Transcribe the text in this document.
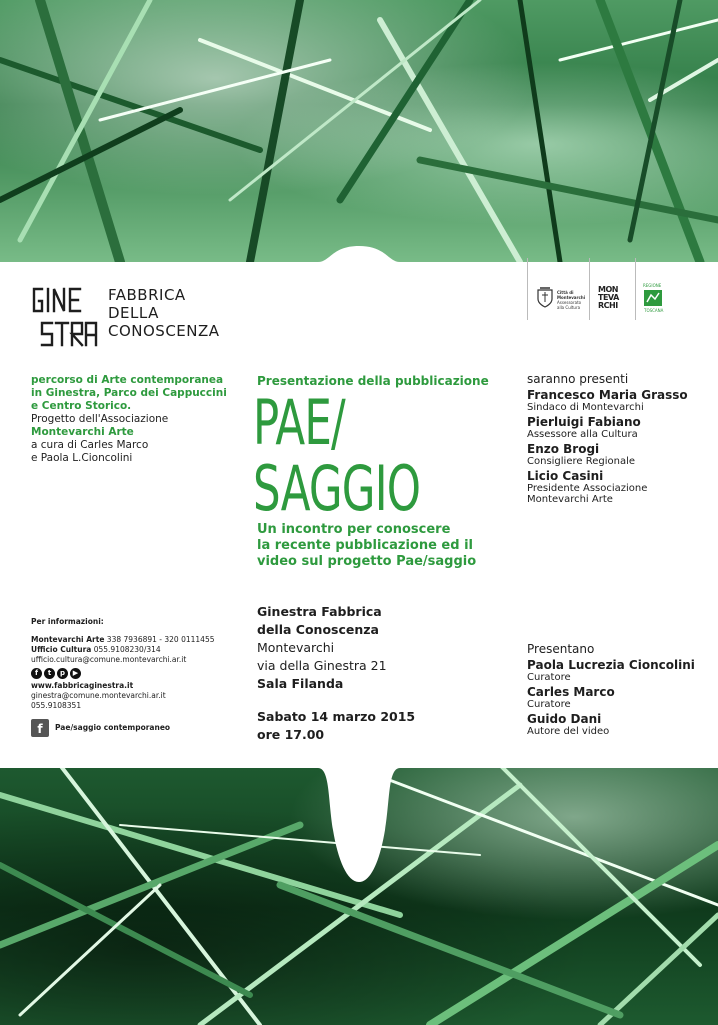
FABBRICA
DELLA
CONOSCENZA
Città di
Montevarchi
Assessorato
alla Cultura
MON
TEVA
RCHI
REGIONE
TOSCANA
percorso di Arte contemporanea
in Ginestra, Parco dei Cappuccini
e Centro Storico.
Progetto dell'Associazione
Montevarchi Arte
a cura di Carles Marco
e Paola L.Cioncolini
Presentazione della pubblicazione
PAE/
SAGGIO
Un incontro per conoscere
la recente pubblicazione ed il
video sul progetto Pae/saggio
Ginestra Fabbrica
della Conoscenza
Montevarchi
via della Ginestra 21
Sala Filanda
Sabato 14 marzo 2015
ore 17.00
saranno presenti
Francesco Maria Grasso
Sindaco di Montevarchi
Pierluigi Fabiano
Assessore alla Cultura
Enzo Brogi
Consigliere Regionale
Licio Casini
Presidente Associazione
Montevarchi Arte
Presentano
Paola Lucrezia Cioncolini
Curatore
Carles Marco
Curatore
Guido Dani
Autore del video
Per informazioni:
Montevarchi Arte 338 7936891 - 320 0111455
Ufficio Cultura 055.9108230/314
ufficio.cultura@comune.montevarchi.ar.it
f	t	p	▶
www.fabbricaginestra.it
ginestra@comune.montevarchi.ar.it
055.9108351
f	Pae/saggio contemporaneo
